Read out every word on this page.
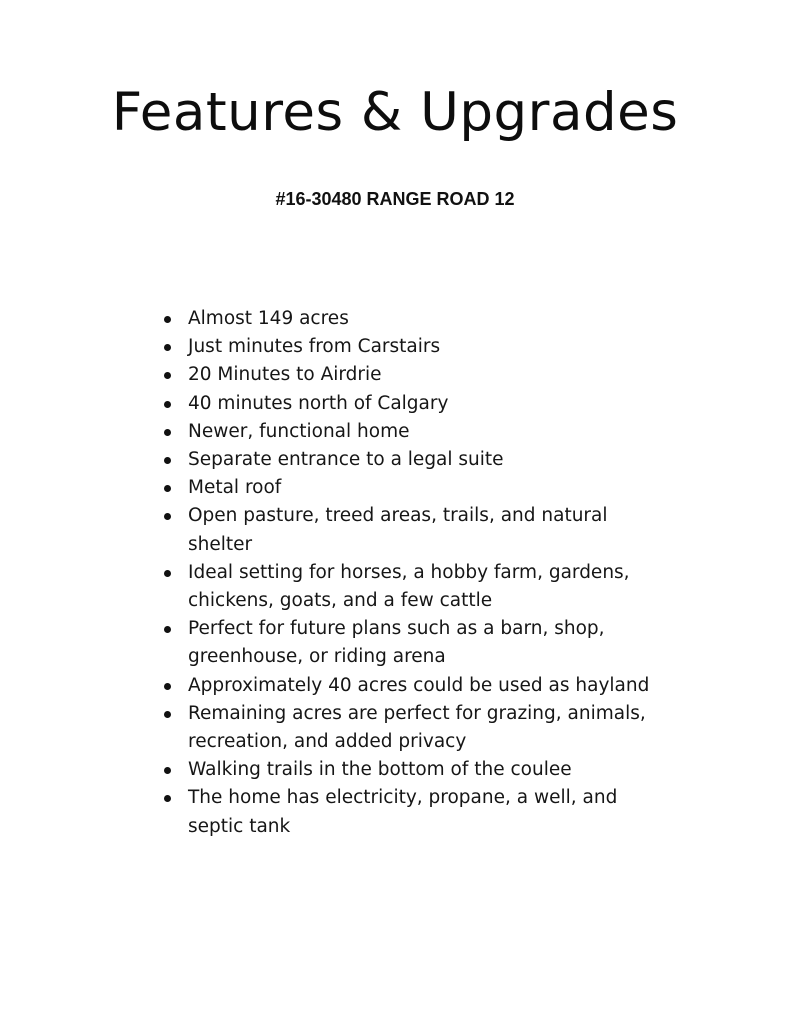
Features & Upgrades
#16-30480 RANGE ROAD 12
Almost 149 acres
Just minutes from Carstairs
20 Minutes to Airdrie
40 minutes north of Calgary
Newer, functional home
Separate entrance to a legal suite
Metal roof
Open pasture, treed areas, trails, and natural shelter
Ideal setting for horses, a hobby farm, gardens, chickens, goats, and a few cattle
Perfect for future plans such as a barn, shop, greenhouse, or riding arena
Approximately 40 acres could be used as hayland
Remaining acres are perfect for grazing, animals, recreation, and added privacy
Walking trails in the bottom of the coulee
The home has electricity, propane, a well, and septic tank
